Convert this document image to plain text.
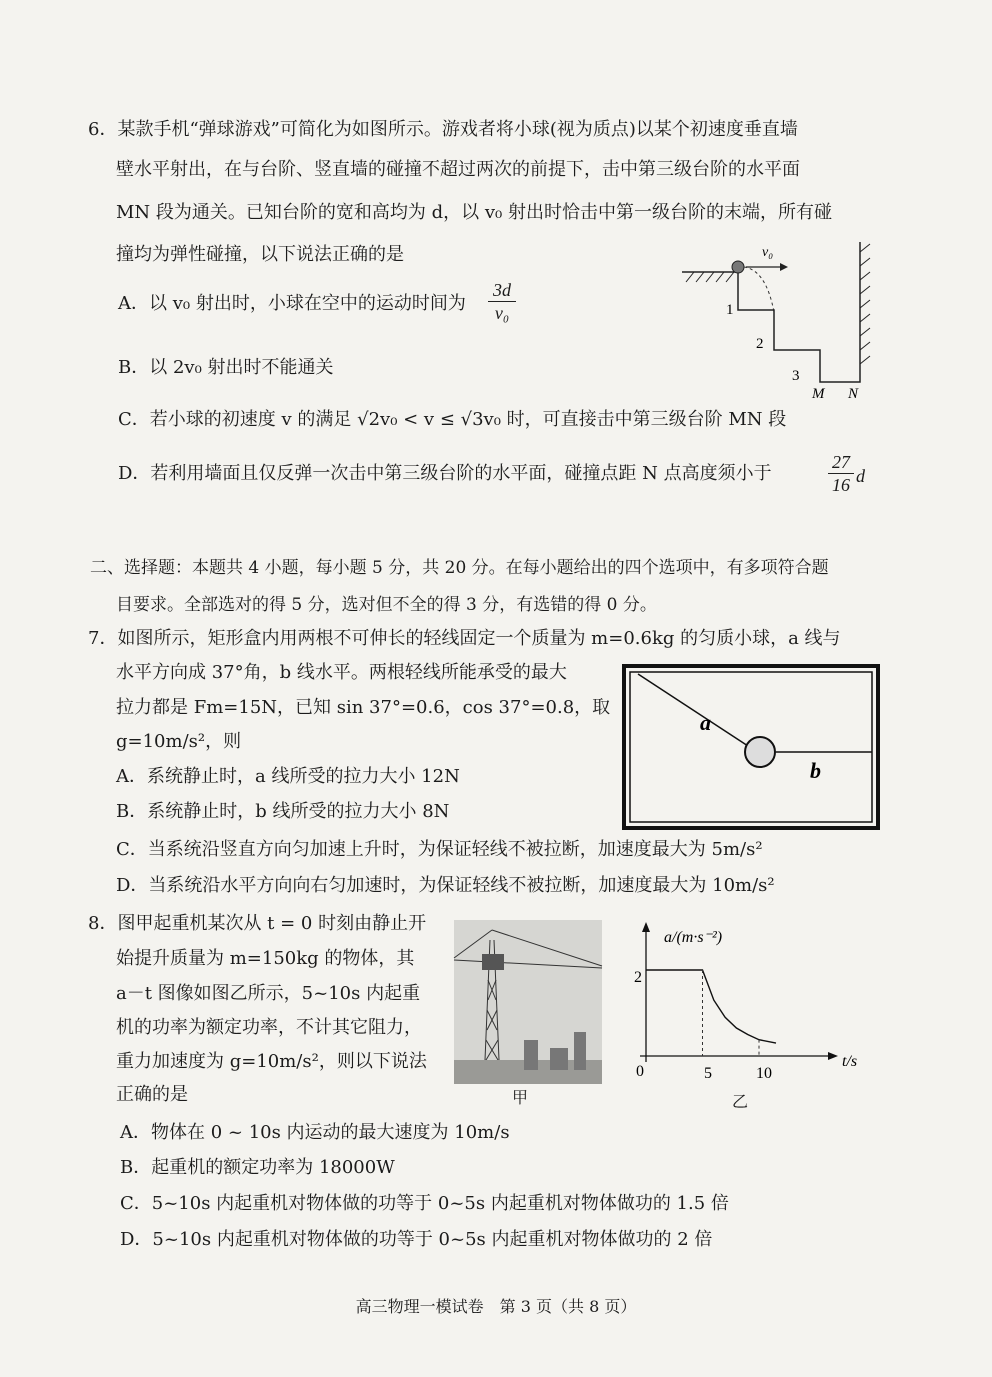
6．某款手机“弹球游戏”可简化为如图所示。游戏者将小球(视为质点)以某个初速度垂直墙
壁水平射出，在与台阶、竖直墙的碰撞不超过两次的前提下，击中第三级台阶的水平面
MN 段为通关。已知台阶的宽和高均为 d，以 v₀ 射出时恰击中第一级台阶的末端，所有碰
撞均为弹性碰撞，以下说法正确的是
A．以 v₀ 射出时，小球在空中的运动时间为
3d
v₀
B．以 2v₀ 射出时不能通关
C．若小球的初速度 v 的满足 √2v₀ < v ≤ √3v₀ 时，可直接击中第三级台阶 MN 段
D．若利用墙面且仅反弹一次击中第三级台阶的水平面，碰撞点距 N 点高度须小于
27
16 d
v₀
1
2
3
M N
二、选择题：本题共 4 小题，每小题 5 分，共 20 分。在每小题给出的四个选项中，有多项符合题
目要求。全部选对的得 5 分，选对但不全的得 3 分，有选错的得 0 分。
7．如图所示，矩形盒内用两根不可伸长的轻线固定一个质量为 m=0.6kg 的匀质小球，a 线与
水平方向成 37°角，b 线水平。两根轻线所能承受的最大
拉力都是 Fm=15N，已知 sin 37°=0.6，cos 37°=0.8，取
g=10m/s²，则
A．系统静止时，a 线所受的拉力大小 12N
B．系统静止时，b 线所受的拉力大小 8N
C．当系统沿竖直方向匀加速上升时，为保证轻线不被拉断，加速度最大为 5m/s²
D．当系统沿水平方向向右匀加速时，为保证轻线不被拉断，加速度最大为 10m/s²
a
b
8．图甲起重机某次从 t = 0 时刻由静止开
始提升质量为 m=150kg 的物体，其
a－t 图像如图乙所示，5~10s 内起重
机的功率为额定功率，不计其它阻力，
重力加速度为 g=10m/s²，则以下说法
正确的是	甲
a/(m·s⁻²)
t/s
2
0	5	10
乙
A．物体在 0 ~ 10s 内运动的最大速度为 10m/s
B．起重机的额定功率为 18000W
C．5~10s 内起重机对物体做的功等于 0~5s 内起重机对物体做功的 1.5 倍
D．5~10s 内起重机对物体做的功等于 0~5s 内起重机对物体做功的 2 倍
高三物理一模试卷　第 3 页（共 8 页）
